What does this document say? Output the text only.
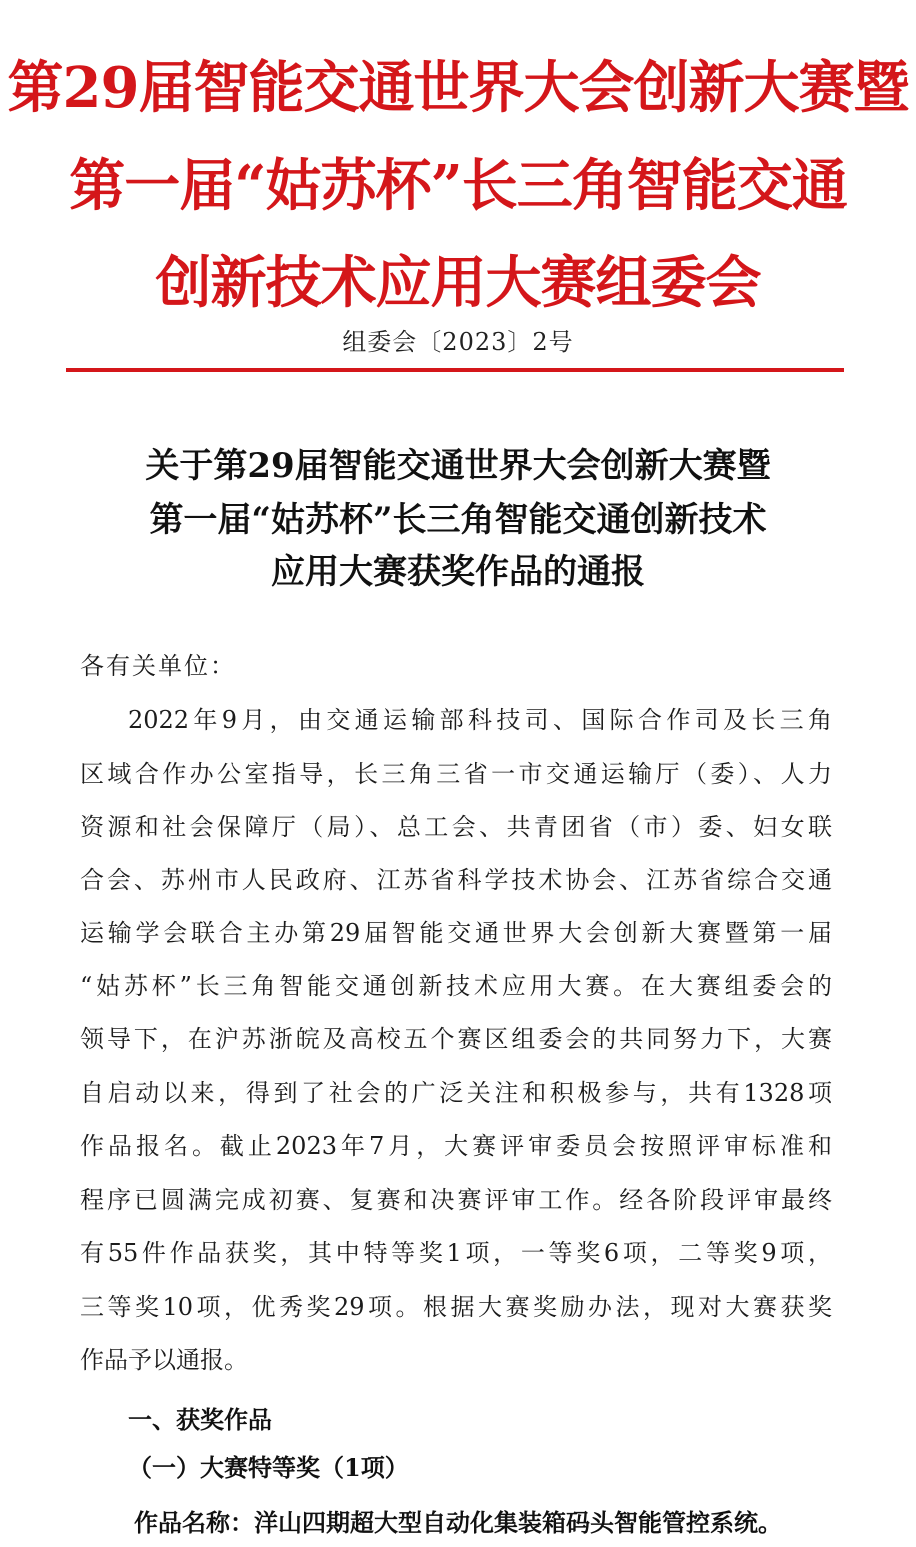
第29届智能交通世界大会创新大赛暨
第一届“姑苏杯”长三角智能交通
创新技术应用大赛组委会
组委会〔2023〕2号
关于第29届智能交通世界大会创新大赛暨
第一届“姑苏杯”长三角智能交通创新技术
应用大赛获奖作品的通报
各有关单位：
2022年9月，由交通运输部科技司、国际合作司及长三角
区域合作办公室指导，长三角三省一市交通运输厅（委）、人力
资源和社会保障厅（局）、总工会、共青团省（市）委、妇女联
合会、苏州市人民政府、江苏省科学技术协会、江苏省综合交通
运输学会联合主办第29届智能交通世界大会创新大赛暨第一届
“姑苏杯”长三角智能交通创新技术应用大赛。在大赛组委会的
领导下，在沪苏浙皖及高校五个赛区组委会的共同努力下，大赛
自启动以来，得到了社会的广泛关注和积极参与，共有1328项
作品报名。截止2023年7月，大赛评审委员会按照评审标准和
程序已圆满完成初赛、复赛和决赛评审工作。经各阶段评审最终
有55件作品获奖，其中特等奖1项，一等奖6项，二等奖9项，
三等奖10项，优秀奖29项。根据大赛奖励办法，现对大赛获奖
作品予以通报。
一、获奖作品
（一）大赛特等奖（1项）
作品名称：洋山四期超大型自动化集装箱码头智能管控系统。
